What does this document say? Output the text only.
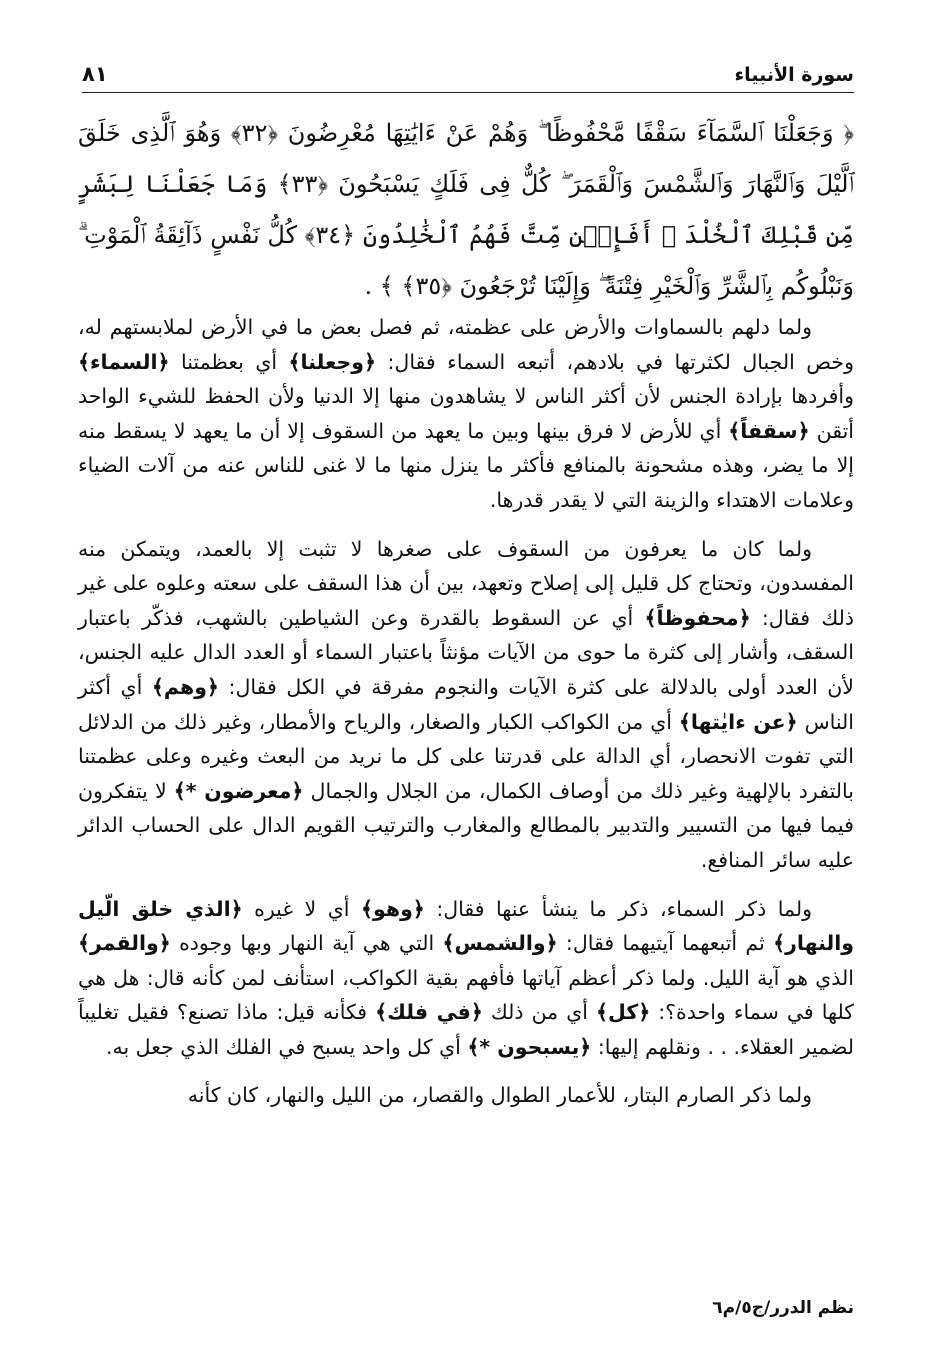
سورة الأنبياء
٨١
﴿ وَجَعَلْنَا ٱلسَّمَآءَ سَقْفًا مَّحْفُوظًا ۖ وَهُمْ عَنْ ءَايَٰتِهَا مُعْرِضُونَ ﴿٣٢﴾ وَهُوَ ٱلَّذِى خَلَقَ ٱلَّيْلَ وَٱلنَّهَارَ وَٱلشَّمْسَ وَٱلْقَمَرَ ۖ كُلٌّ فِى فَلَكٍ يَسْبَحُونَ ﴿٣٣﴾ وَمَا جَعَلْنَا لِبَشَرٍ مِّن قَبْلِكَ ٱلْخُلْدَ ۖ أَفَإِي۟ن مِّتَّ فَهُمُ ٱلْخَٰلِدُونَ ﴿٣٤﴾ كُلُّ نَفْسٍ ذَآئِقَةُ ٱلْمَوْتِ ۗ وَنَبْلُوكُم بِٱلشَّرِّ وَٱلْخَيْرِ فِتْنَةً ۖ وَإِلَيْنَا تُرْجَعُونَ ﴿٣٥﴾ ﴾ .

ولما دلهم بالسماوات والأرض على عظمته، ثم فصل بعض ما في الأرض لملابستهم له، وخص الجبال لكثرتها في بلادهم، أتبعه السماء فقال: ﴿وجعلنا﴾ أي بعظمتنا ﴿السماء﴾ وأفردها بإرادة الجنس لأن أكثر الناس لا يشاهدون منها إلا الدنيا ولأن الحفظ للشيء الواحد أتقن ﴿سقفاً﴾ أي للأرض لا فرق بينها وبين ما يعهد من السقوف إلا أن ما يعهد لا يسقط منه إلا ما يضر، وهذه مشحونة بالمنافع فأكثر ما ينزل منها ما لا غنى للناس عنه من آلات الضياء وعلامات الاهتداء والزينة التي لا يقدر قدرها.

ولما كان ما يعرفون من السقوف على صغرها لا تثبت إلا بالعمد، ويتمكن منه المفسدون، وتحتاج كل قليل إلى إصلاح وتعهد، بين أن هذا السقف على سعته وعلوه على غير ذلك فقال: ﴿محفوظاً﴾ أي عن السقوط بالقدرة وعن الشياطين بالشهب، فذكّر باعتبار السقف، وأشار إلى كثرة ما حوى من الآيات مؤنثاً باعتبار السماء أو العدد الدال عليه الجنس، لأن العدد أولى بالدلالة على كثرة الآيات والنجوم مفرقة في الكل فقال: ﴿وهم﴾ أي أكثر الناس ﴿عن ءايٰتها﴾ أي من الكواكب الكبار والصغار، والرياح والأمطار، وغير ذلك من الدلائل التي تفوت الانحصار، أي الدالة على قدرتنا على كل ما نريد من البعث وغيره وعلى عظمتنا بالتفرد بالإلهية وغير ذلك من أوصاف الكمال، من الجلال والجمال ﴿معرضون *﴾ لا يتفكرون فيما فيها من التسيير والتدبير بالمطالع والمغارب والترتيب القويم الدال على الحساب الدائر عليه سائر المنافع.

ولما ذكر السماء، ذكر ما ينشأ عنها فقال: ﴿وهو﴾ أي لا غيره ﴿الذي خلق الّيل والنهار﴾ ثم أتبعهما آيتيهما فقال: ﴿والشمس﴾ التي هي آية النهار وبها وجوده ﴿والقمر﴾ الذي هو آية الليل. ولما ذكر أعظم آياتها فأفهم بقية الكواكب، استأنف لمن كأنه قال: هل هي كلها في سماء واحدة؟: ﴿كل﴾ أي من ذلك ﴿في فلك﴾ فكأنه قيل: ماذا تصنع؟ فقيل تغليباً لضمير العقلاء. . . ونقلهم إليها: ﴿يسبحون *﴾ أي كل واحد يسبح في الفلك الذي جعل به.

ولما ذكر الصارم البتار، للأعمار الطوال والقصار، من الليل والنهار، كان كأنه

نظم الدرر/ج٥/م٦
